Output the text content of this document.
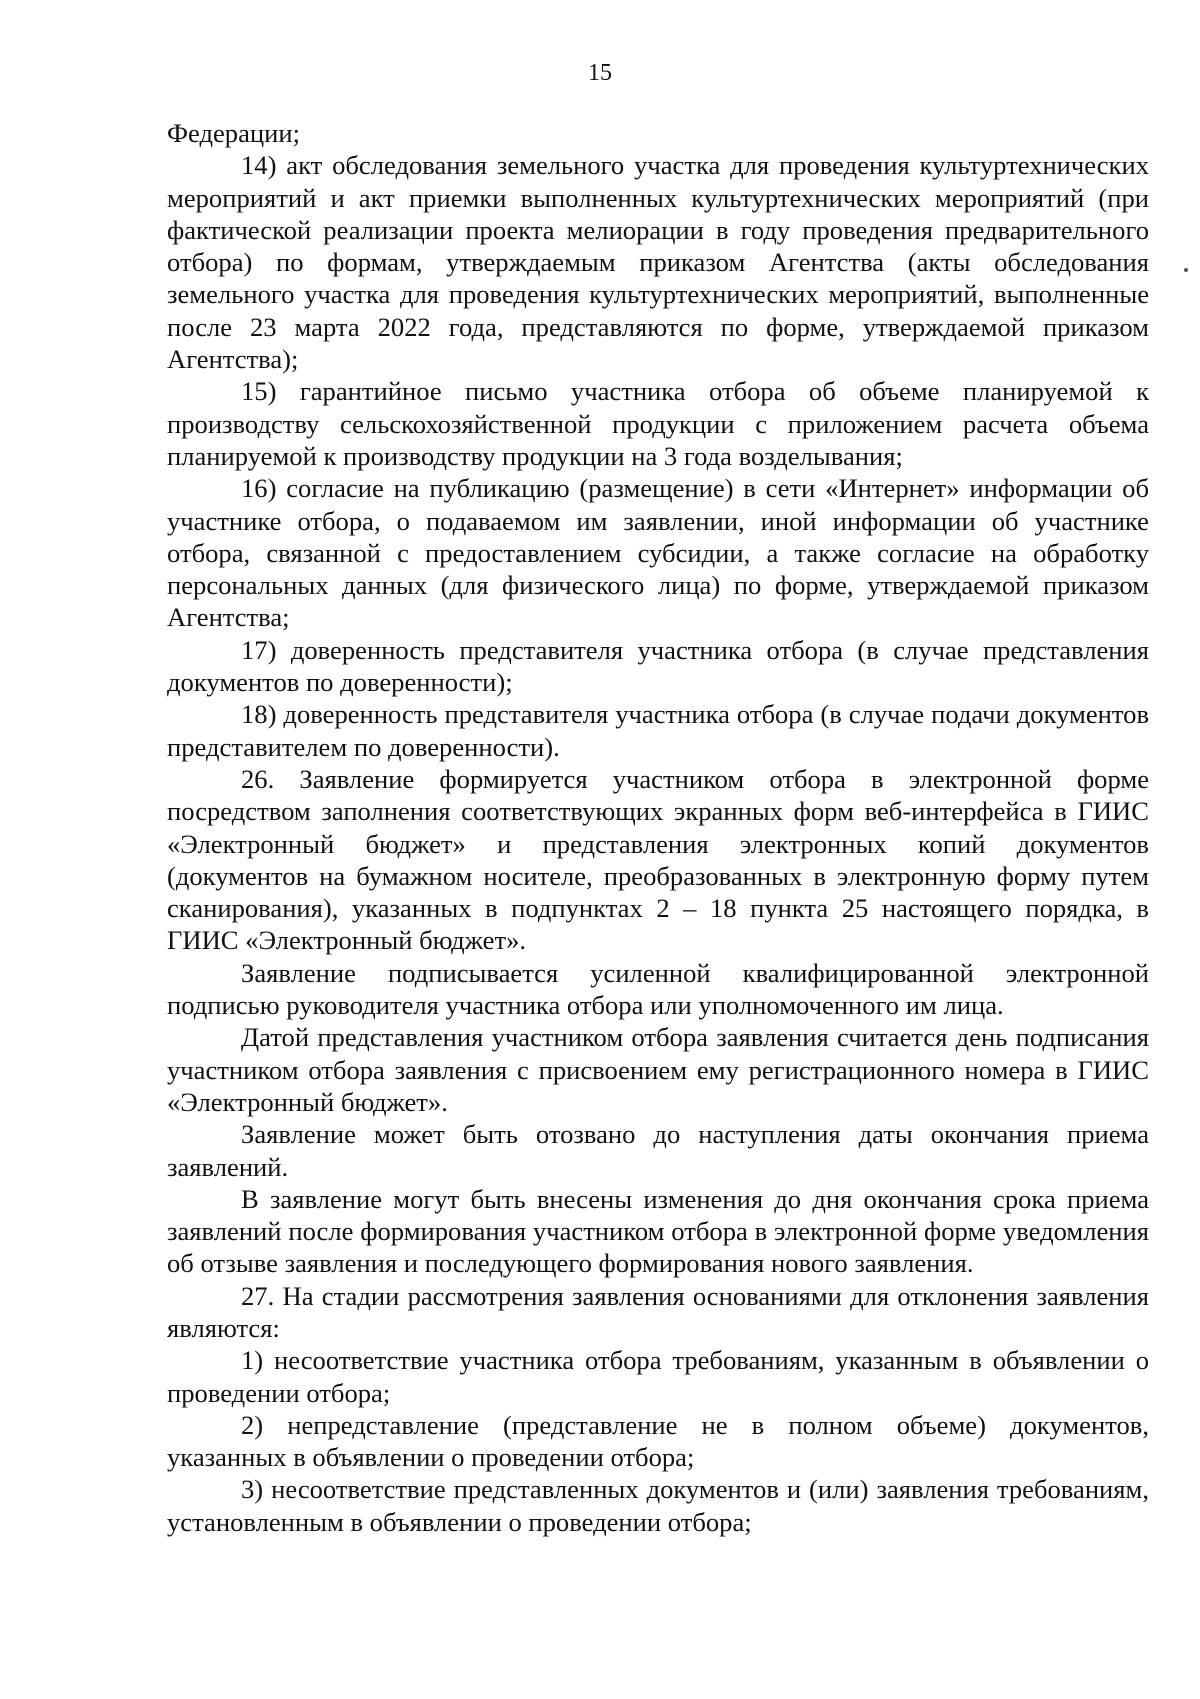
15

Федерации;

14) акт обследования земельного участка для проведения культуртехнических мероприятий и акт приемки выполненных культуртехнических мероприятий (при фактической реализации проекта мелиорации в году проведения предварительного отбора) по формам, утверждаемым приказом Агентства (акты обследования земельного участка для проведения культуртехнических мероприятий, выполненные после 23 марта 2022 года, представляются по форме, утверждаемой приказом Агентства);

15) гарантийное письмо участника отбора об объеме планируемой к производству сельскохозяйственной продукции с приложением расчета объема планируемой к производству продукции на 3 года возделывания;

16) согласие на публикацию (размещение) в сети «Интернет» информации об участнике отбора, о подаваемом им заявлении, иной информации об участнике отбора, связанной с предоставлением субсидии, а также согласие на обработку персональных данных (для физического лица) по форме, утверждаемой приказом Агентства;

17) доверенность представителя участника отбора (в случае представления документов по доверенности);

18) доверенность представителя участника отбора (в случае подачи документов представителем по доверенности).

26. Заявление формируется участником отбора в электронной форме посредством заполнения соответствующих экранных форм веб-интерфейса в ГИИС «Электронный бюджет» и представления электронных копий документов (документов на бумажном носителе, преобразованных в электронную форму путем сканирования), указанных в подпунктах 2 – 18 пункта 25 настоящего порядка, в ГИИС «Электронный бюджет».

Заявление подписывается усиленной квалифицированной электронной подписью руководителя участника отбора или уполномоченного им лица.

Датой представления участником отбора заявления считается день подписания участником отбора заявления с присвоением ему регистрационного номера в ГИИС «Электронный бюджет».

Заявление может быть отозвано до наступления даты окончания приема заявлений.

В заявление могут быть внесены изменения до дня окончания срока приема заявлений после формирования участником отбора в электронной форме уведомления об отзыве заявления и последующего формирования нового заявления.

27. На стадии рассмотрения заявления основаниями для отклонения заявления являются:

1) несоответствие участника отбора требованиям, указанным в объявлении о проведении отбора;

2) непредставление (представление не в полном объеме) документов, указанных в объявлении о проведении отбора;

3) несоответствие представленных документов и (или) заявления требованиям, установленным в объявлении о проведении отбора;
